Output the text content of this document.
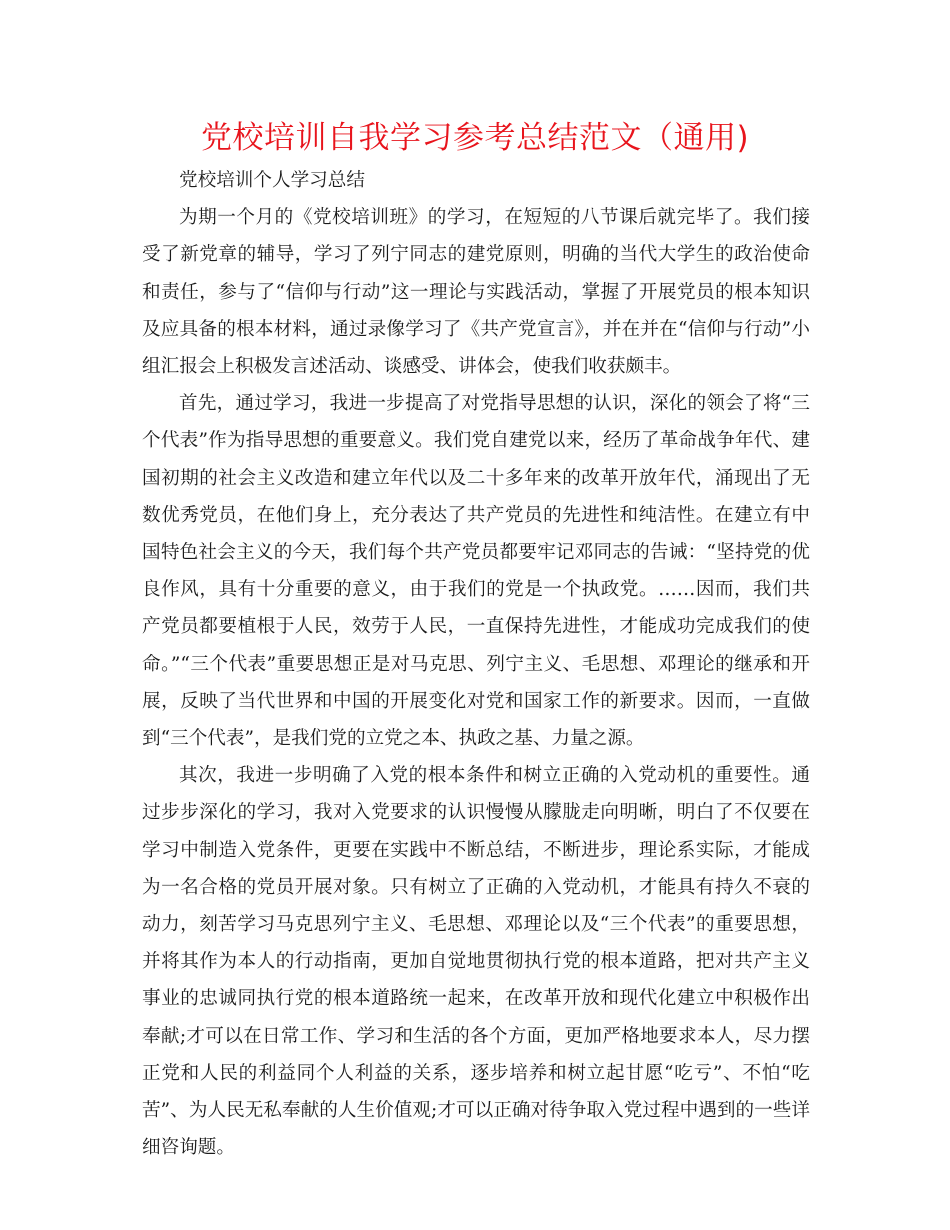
党校培训自我学习参考总结范文（通用)

党校培训个人学习总结

为期一个月的《党校培训班》的学习，在短短的八节课后就完毕了。我们接受了新党章的辅导，学习了列宁同志的建党原则，明确的当代大学生的政治使命和责任，参与了“信仰与行动”这一理论与实践活动，掌握了开展党员的根本知识及应具备的根本材料，通过录像学习了《共产党宣言》，并在并在“信仰与行动”小组汇报会上积极发言述活动、谈感受、讲体会，使我们收获颇丰。

首先，通过学习，我进一步提高了对党指导思想的认识，深化的领会了将“三个代表”作为指导思想的重要意义。我们党自建党以来，经历了革命战争年代、建国初期的社会主义改造和建立年代以及二十多年来的改革开放年代，涌现出了无数优秀党员，在他们身上，充分表达了共产党员的先进性和纯洁性。在建立有中国特色社会主义的今天，我们每个共产党员都要牢记邓同志的告诫：“坚持党的优良作风，具有十分重要的意义，由于我们的党是一个执政党。……因而，我们共产党员都要植根于人民，效劳于人民，一直保持先进性，才能成功完成我们的使命。”“三个代表”重要思想正是对马克思、列宁主义、毛思想、邓理论的继承和开展，反映了当代世界和中国的开展变化对党和国家工作的新要求。因而，一直做到“三个代表”，是我们党的立党之本、执政之基、力量之源。

其次，我进一步明确了入党的根本条件和树立正确的入党动机的重要性。通过步步深化的学习，我对入党要求的认识慢慢从朦胧走向明晰，明白了不仅要在学习中制造入党条件，更要在实践中不断总结，不断进步，理论系实际，才能成为一名合格的党员开展对象。只有树立了正确的入党动机，才能具有持久不衰的动力，刻苦学习马克思列宁主义、毛思想、邓理论以及“三个代表”的重要思想，并将其作为本人的行动指南，更加自觉地贯彻执行党的根本道路，把对共产主义事业的忠诚同执行党的根本道路统一起来，在改革开放和现代化建立中积极作出奉献;才可以在日常工作、学习和生活的各个方面，更加严格地要求本人，尽力摆正党和人民的利益同个人利益的关系，逐步培养和树立起甘愿“吃亏”、不怕“吃苦”、为人民无私奉献的人生价值观;才可以正确对待争取入党过程中遇到的一些详细咨询题。
